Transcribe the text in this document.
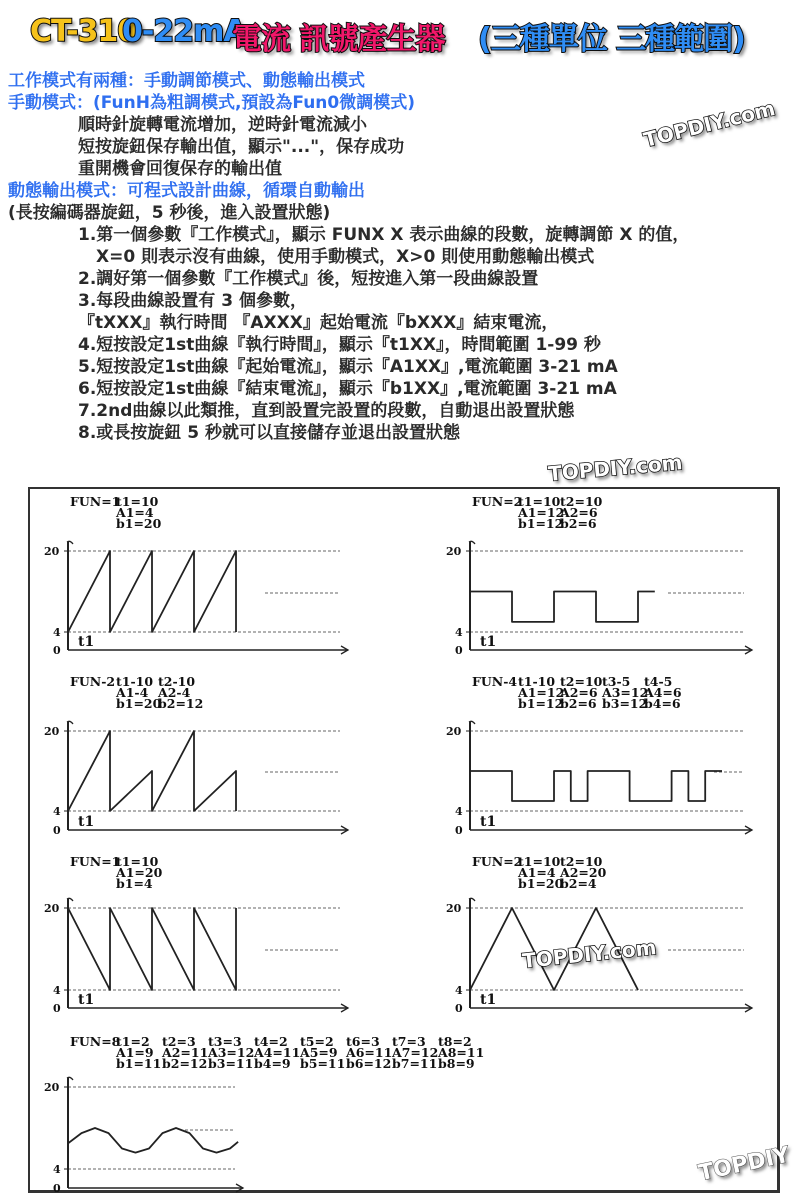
CT-310
0-22mA
電流 訊號產生器 (三種單位 三種範圍)
工作模式有兩種：手動調節模式、動態輸出模式
手動模式：(FunH為粗調模式,預設為Fun0微調模式)
順時針旋轉電流增加，逆時針電流減小
短按旋鈕保存輸出值，顯示"..."，保存成功
重開機會回復保存的輸出值
動態輸出模式：可程式設計曲線，循環自動輸出
(長按編碼器旋鈕，5 秒後，進入設置狀態)
1.第一個參數『工作模式』，顯示 FUNX X 表示曲線的段數，旋轉調節 X 的值，
X=0 則表示沒有曲線，使用手動模式，X>0 則使用動態輸出模式
2.調好第一個參數『工作模式』後，短按進入第一段曲線設置
3.每段曲線設置有 3 個參數，
『tXXX』執行時間 『AXXX』起始電流『bXXX』結束電流，
4.短按設定1st曲線『執行時間』，顯示『t1XX』，時間範圍 1-99 秒
5.短按設定1st曲線『起始電流』，顯示『A1XX』,電流範圍 3-21 mA
6.短按設定1st曲線『結束電流』，顯示『b1XX』,電流範圍 3-21 mA
7.2nd曲線以此類推，直到設置完設置的段數，自動退出設置狀態
8.或長按旋鈕 5 秒就可以直接儲存並退出設置狀態
TOPDIY.com
TOPDIY.com
FUN=1
t1=10
A1=4
b1=20
20
4
0
t1
FUN=2
t1=10
A1=12
b1=12
t2=10
A2=6
b2=6
20
4
0
t1
FUN-2 t1-10
A1-4
b1=20
t2-10
A2-4
b2=12
20
4
0
t1
FUN-4 t1-10
A1=12
b1=12
t2=10
A2=6
b2=6
t3-5
A3=12
b3=12
t4-5
A4=6
b4=6
20
4
0
t1
FUN=1
t1=10
A1=20
b1=4
20
4
0
t1
FUN=2
t1=10
A1=4
b1=20
t2=10
A2=20
b2=4
20
4
0
t1
FUN=8
t1=2
A1=9
b1=11
t2=3
A2=11
b2=12
t3=3
A3=12
b3=11
t4=2
A4=11
b4=9
t5=2
A5=9
b5=11
t6=3
A6=11
b6=12
t7=3
A7=12
b7=11
t8=2
A8=11
b8=9
20
4
0
TOPDIY.com
TOPDIY
